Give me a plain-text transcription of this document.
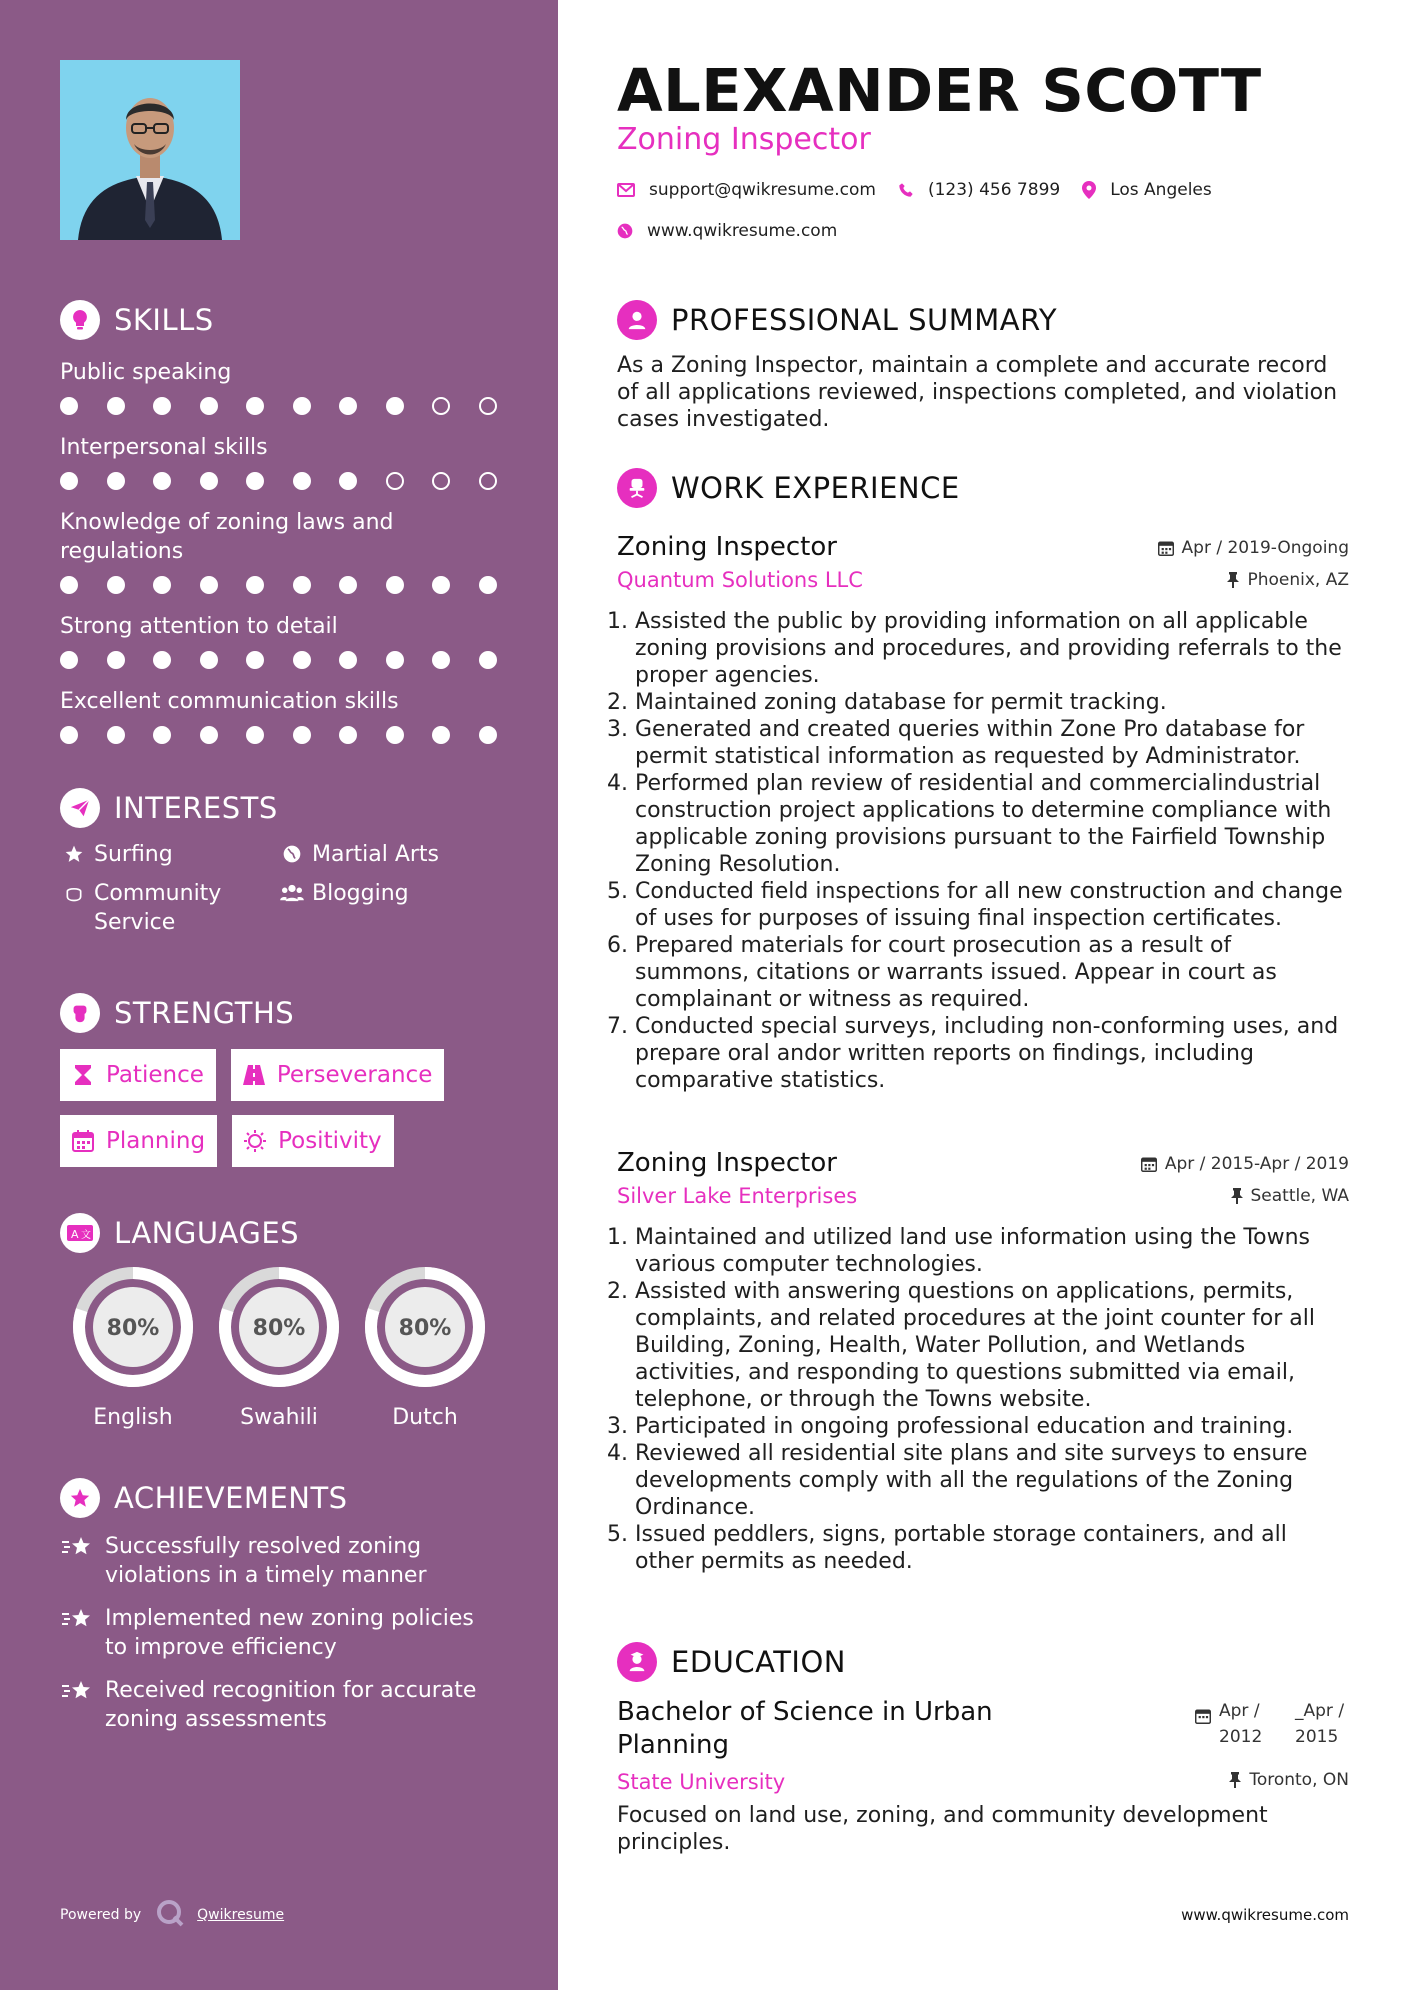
SKILLS
Public speaking
Interpersonal skills
Knowledge of zoning laws and regulations
Strong attention to detail
Excellent communication skills
INTERESTS
Surfing	Martial Arts
Community Service
Blogging
STRENGTHS
Patience	Perseverance
Planning	Positivity
A 文 LANGUAGES
80%
English
80%
Swahili
80%
Dutch
ACHIEVEMENTS
Successfully resolved zoning violations in a timely manner
Implemented new zoning policies to improve efficiency
Received recognition for accurate zoning assessments
Powered by	Qwikresume
ALEXANDER SCOTT
Zoning Inspector
support@qwikresume.com	(123) 456 7899	Los Angeles
www.qwikresume.com
PROFESSIONAL SUMMARY
As a Zoning Inspector, maintain a complete and accurate record of all applications reviewed, inspections completed, and violation cases investigated.
WORK EXPERIENCE
Zoning Inspector
Quantum Solutions LLC
Apr / 2019-Ongoing
Phoenix, AZ
1. Assisted the public by providing information on all applicable zoning provisions and procedures, and providing referrals to the proper agencies.
2. Maintained zoning database for permit tracking.
3. Generated and created queries within Zone Pro database for permit statistical information as requested by Administrator.
4. Performed plan review of residential and commercialindustrial construction project applications to determine compliance with applicable zoning provisions pursuant to the Fairfield Township Zoning Resolution.
5. Conducted field inspections for all new construction and change of uses for purposes of issuing final inspection certificates.
6. Prepared materials for court prosecution as a result of summons, citations or warrants issued. Appear in court as complainant or witness as required.
7. Conducted special surveys, including non-conforming uses, and prepare oral andor written reports on findings, including comparative statistics.
Zoning Inspector
Silver Lake Enterprises
Apr / 2015-Apr / 2019
Seattle, WA
1. Maintained and utilized land use information using the Towns various computer technologies.
2. Assisted with answering questions on applications, permits, complaints, and related procedures at the joint counter for all Building, Zoning, Health, Water Pollution, and Wetlands activities, and responding to questions submitted via email, telephone, or through the Towns website.
3. Participated in ongoing professional education and training.
4. Reviewed all residential site plans and site surveys to ensure developments comply with all the regulations of the Zoning Ordinance.
5. Issued peddlers, signs, portable storage containers, and all other permits as needed.
EDUCATION
Bachelor of Science in Urban Planning
State University
Apr / 2012
_Apr / 2015
Toronto, ON
Focused on land use, zoning, and community development principles.
www.qwikresume.com
